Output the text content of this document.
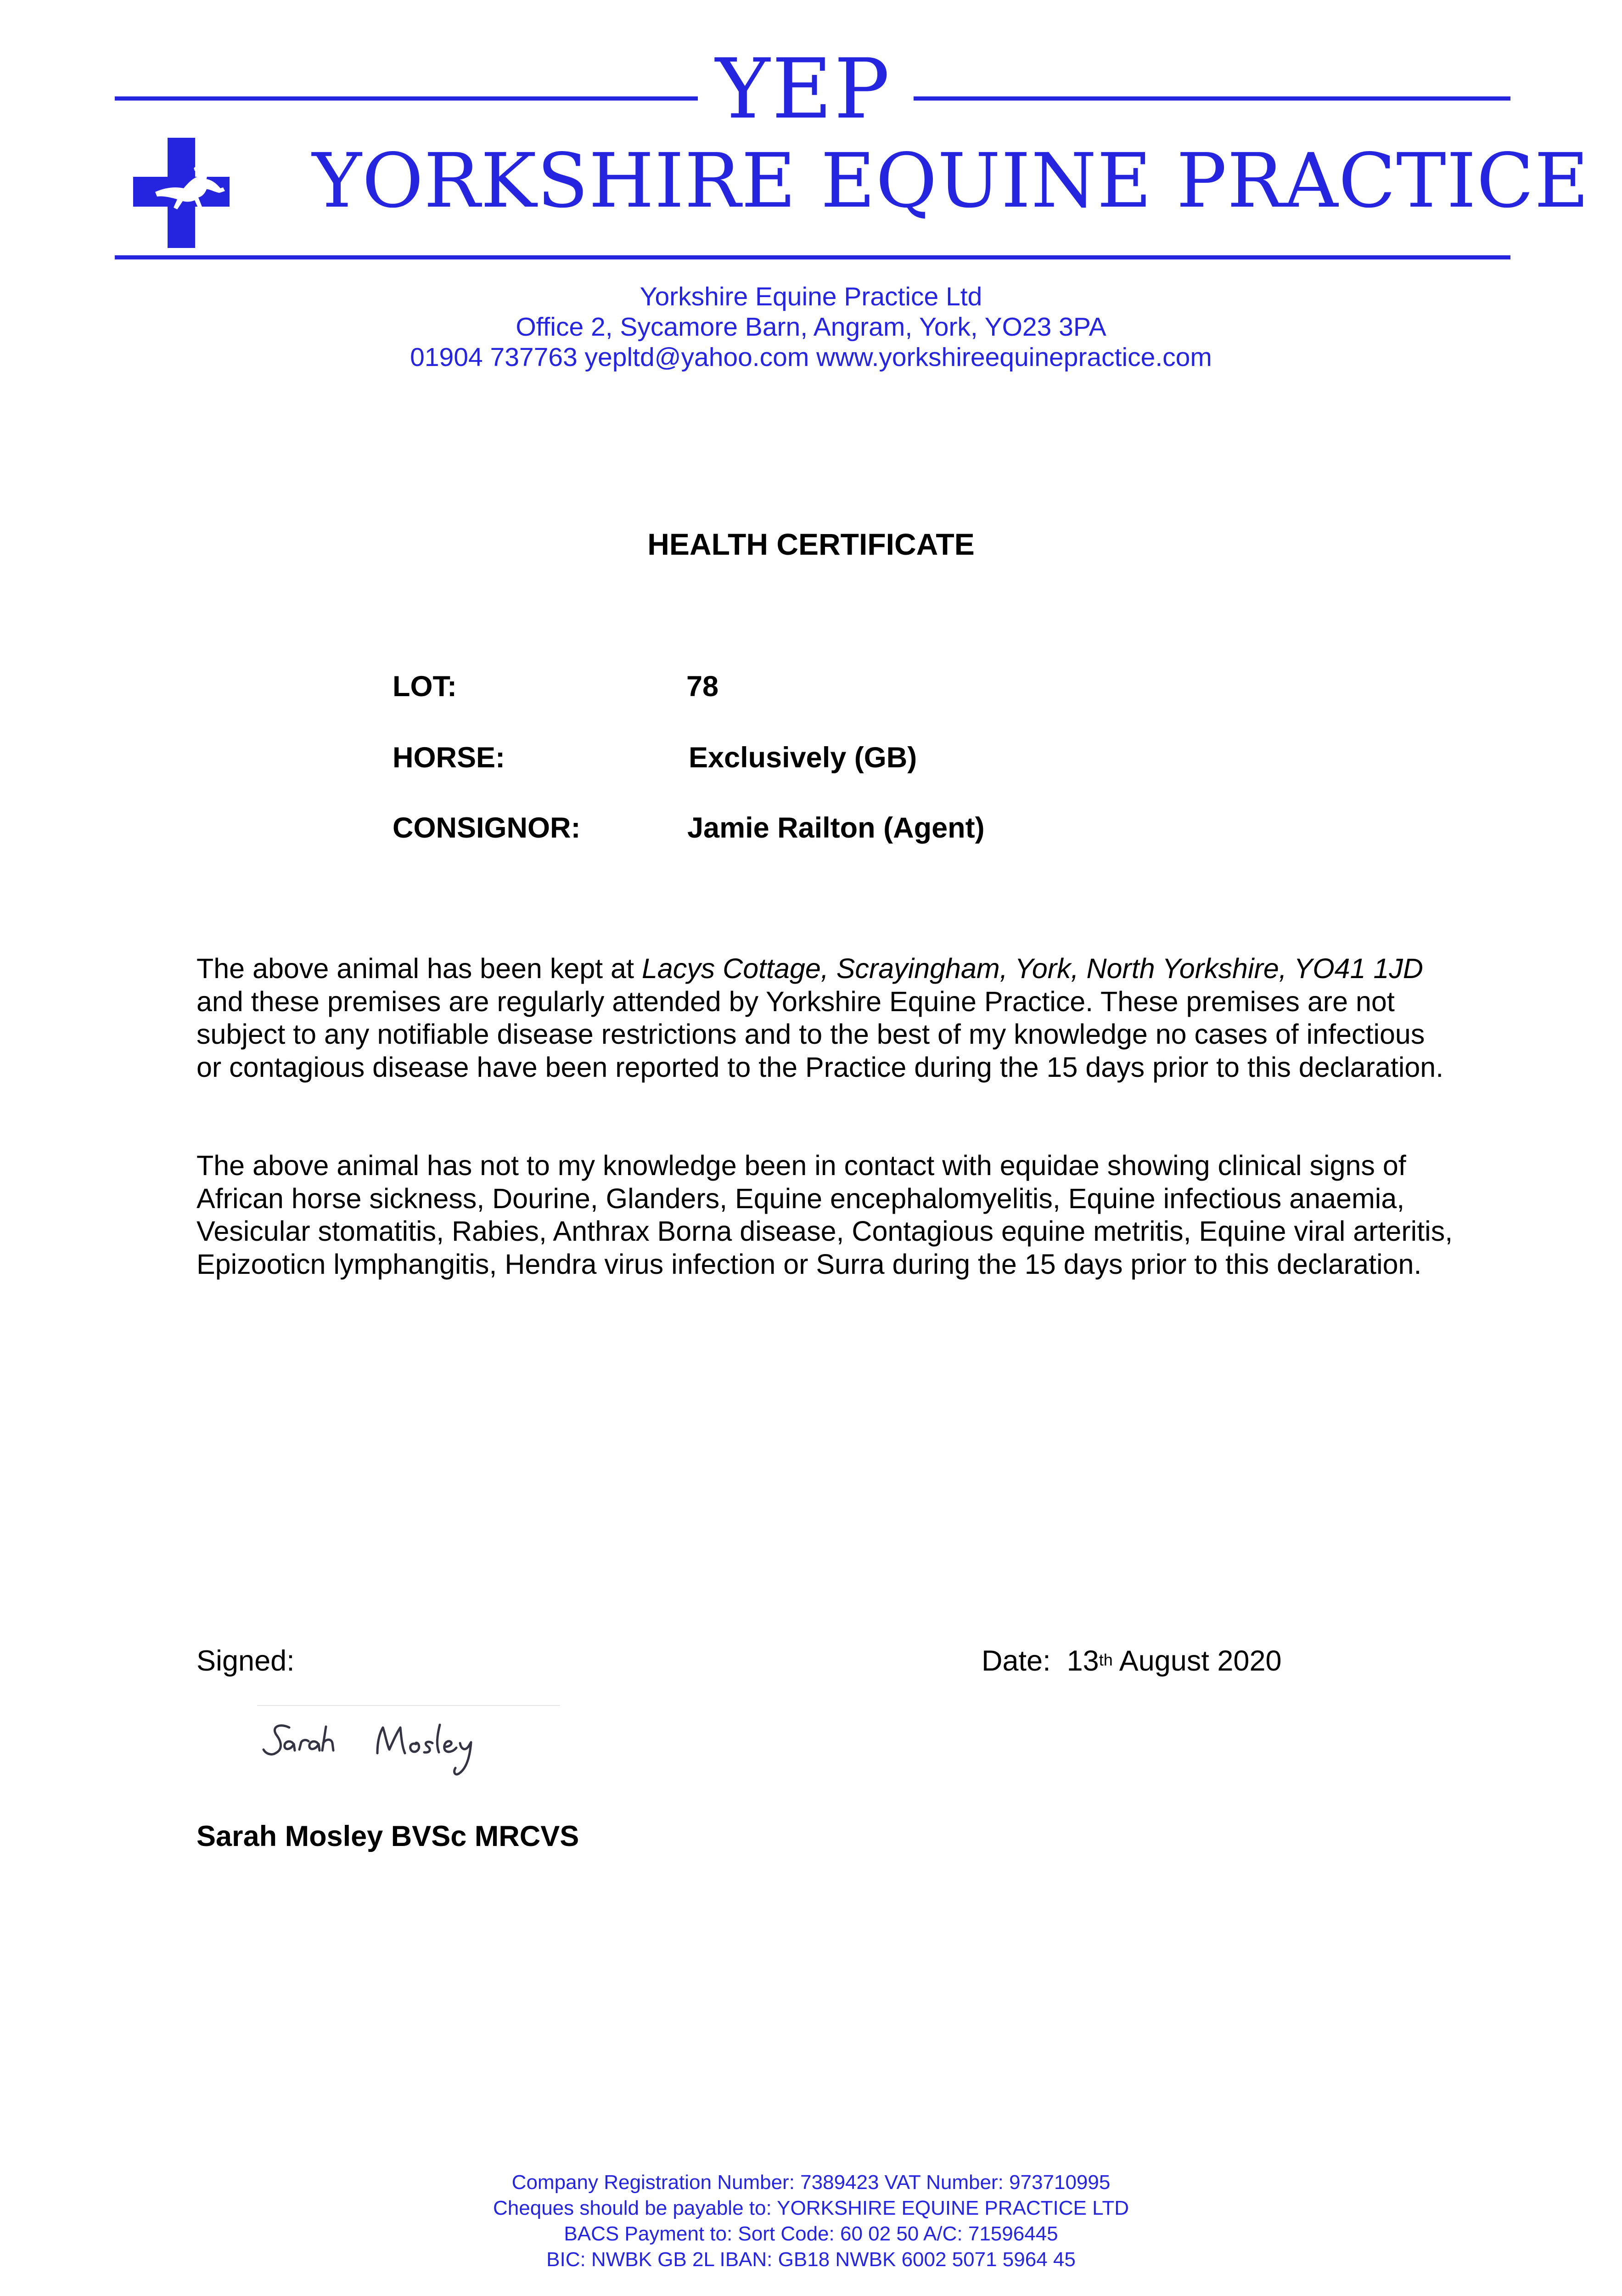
YEP
YORKSHIRE EQUINE PRACTICE
Yorkshire Equine Practice Ltd
Office 2, Sycamore Barn, Angram, York, YO23 3PA
01904 737763 yepltd@yahoo.com www.yorkshireequinepractice.com
HEALTH CERTIFICATE
LOT:	78
HORSE:	Exclusively (GB)
CONSIGNOR:	Jamie Railton (Agent)
The above animal has been kept at Lacys Cottage, Scrayingham, York, North Yorkshire, YO41 1JD and these premises are regularly attended by Yorkshire Equine Practice. These premises are not subject to any notifiable disease restrictions and to the best of my knowledge no cases of infectious or contagious disease have been reported to the Practice during the 15 days prior to this declaration.
The above animal has not to my knowledge been in contact with equidae showing clinical signs of African horse sickness, Dourine, Glanders, Equine encephalomyelitis, Equine infectious anaemia, Vesicular stomatitis, Rabies, Anthrax Borna disease, Contagious equine metritis, Equine viral arteritis, Epizooticn lymphangitis, Hendra virus infection or Surra during the 15 days prior to this declaration.
Signed:	Date: 13th August 2020
Sarah Mosley BVSc MRCVS
Company Registration Number: 7389423 VAT Number: 973710995
Cheques should be payable to: YORKSHIRE EQUINE PRACTICE LTD
BACS Payment to: Sort Code: 60 02 50 A/C: 71596445
BIC: NWBK GB 2L IBAN: GB18 NWBK 6002 5071 5964 45
